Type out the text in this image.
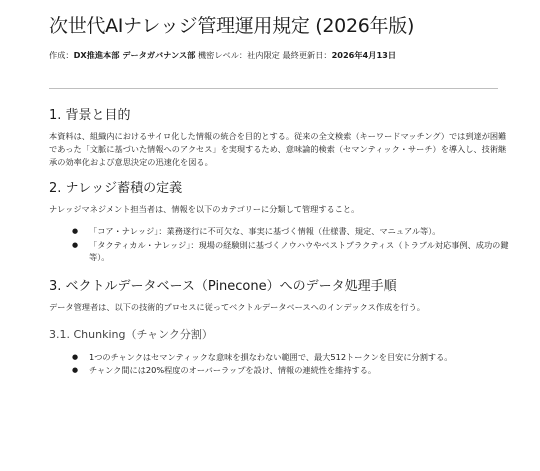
次世代AIナレッジ管理運用規定 (2026年版)
作成：DX推進本部 データガバナンス部 機密レベル：社内限定 最終更新日：2026年4月13日
1. 背景と目的

本資料は、組織内におけるサイロ化した情報の統合を目的とする。従来の全文検索（キーワードマッチング）では到達が困難であった「文脈に基づいた情報へのアクセス」を実現するため、意味論的検索（セマンティック・サーチ）を導入し、技術継承の効率化および意思決定の迅速化を図る。

2. ナレッジ蓄積の定義

ナレッジマネジメント担当者は、情報を以下のカテゴリーに分類して管理すること。

● 「コア・ナレッジ」：業務遂行に不可欠な、事実に基づく情報（仕様書、規定、マニュアル等）。
● 「タクティカル・ナレッジ」：現場の経験則に基づくノウハウやベストプラクティス（トラブル対応事例、成功の鍵等）。
3. ベクトルデータベース（Pinecone）へのデータ処理手順

データ管理者は、以下の技術的プロセスに従ってベクトルデータベースへのインデックス作成を行う。

3.1. Chunking（チャンク分割）
● 1つのチャンクはセマンティックな意味を損なわない範囲で、最大512トークンを目安に分割する。
● チャンク間には20%程度のオーバーラップを設け、情報の連続性を維持する。
